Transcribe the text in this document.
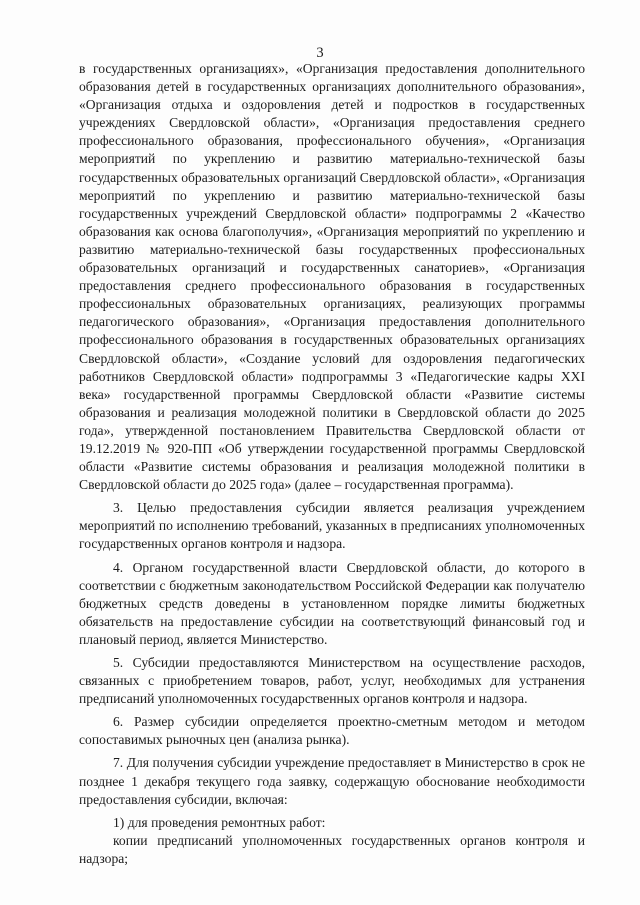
3

в государственных организациях», «Организация предоставления дополнительного образования детей в государственных организациях дополнительного образования», «Организация отдыха и оздоровления детей и подростков в государственных учреждениях Свердловской области», «Организация предоставления среднего профессионального образования, профессионального обучения», «Организация мероприятий по укреплению и развитию материально-технической базы государственных образовательных организаций Свердловской области», «Организация мероприятий по укреплению и развитию материально-технической базы государственных учреждений Свердловской области» подпрограммы 2 «Качество образования как основа благополучия», «Организация мероприятий по укреплению и развитию материально-технической базы государственных профессиональных образовательных организаций и государственных санаториев», «Организация предоставления среднего профессионального образования в государственных профессиональных образовательных организациях, реализующих программы педагогического образования», «Организация предоставления дополнительного профессионального образования в государственных образовательных организациях Свердловской области», «Создание условий для оздоровления педагогических работников Свердловской области» подпрограммы 3 «Педагогические кадры XXI века» государственной программы Свердловской области «Развитие системы образования и реализация молодежной политики в Свердловской области до 2025 года», утвержденной постановлением Правительства Свердловской области от 19.12.2019 № 920-ПП «Об утверждении государственной программы Свердловской области «Развитие системы образования и реализация молодежной политики в Свердловской области до 2025 года» (далее – государственная программа).

3. Целью предоставления субсидии является реализация учреждением мероприятий по исполнению требований, указанных в предписаниях уполномоченных государственных органов контроля и надзора.

4. Органом государственной власти Свердловской области, до которого в соответствии с бюджетным законодательством Российской Федерации как получателю бюджетных средств доведены в установленном порядке лимиты бюджетных обязательств на предоставление субсидии на соответствующий финансовый год и плановый период, является Министерство.

5. Субсидии предоставляются Министерством на осуществление расходов, связанных с приобретением товаров, работ, услуг, необходимых для устранения предписаний уполномоченных государственных органов контроля и надзора.

6. Размер субсидии определяется проектно-сметным методом и методом сопоставимых рыночных цен (анализа рынка).

7. Для получения субсидии учреждение предоставляет в Министерство в срок не позднее 1 декабря текущего года заявку, содержащую обоснование необходимости предоставления субсидии, включая:

1) для проведения ремонтных работ:

копии предписаний уполномоченных государственных органов контроля и надзора;
